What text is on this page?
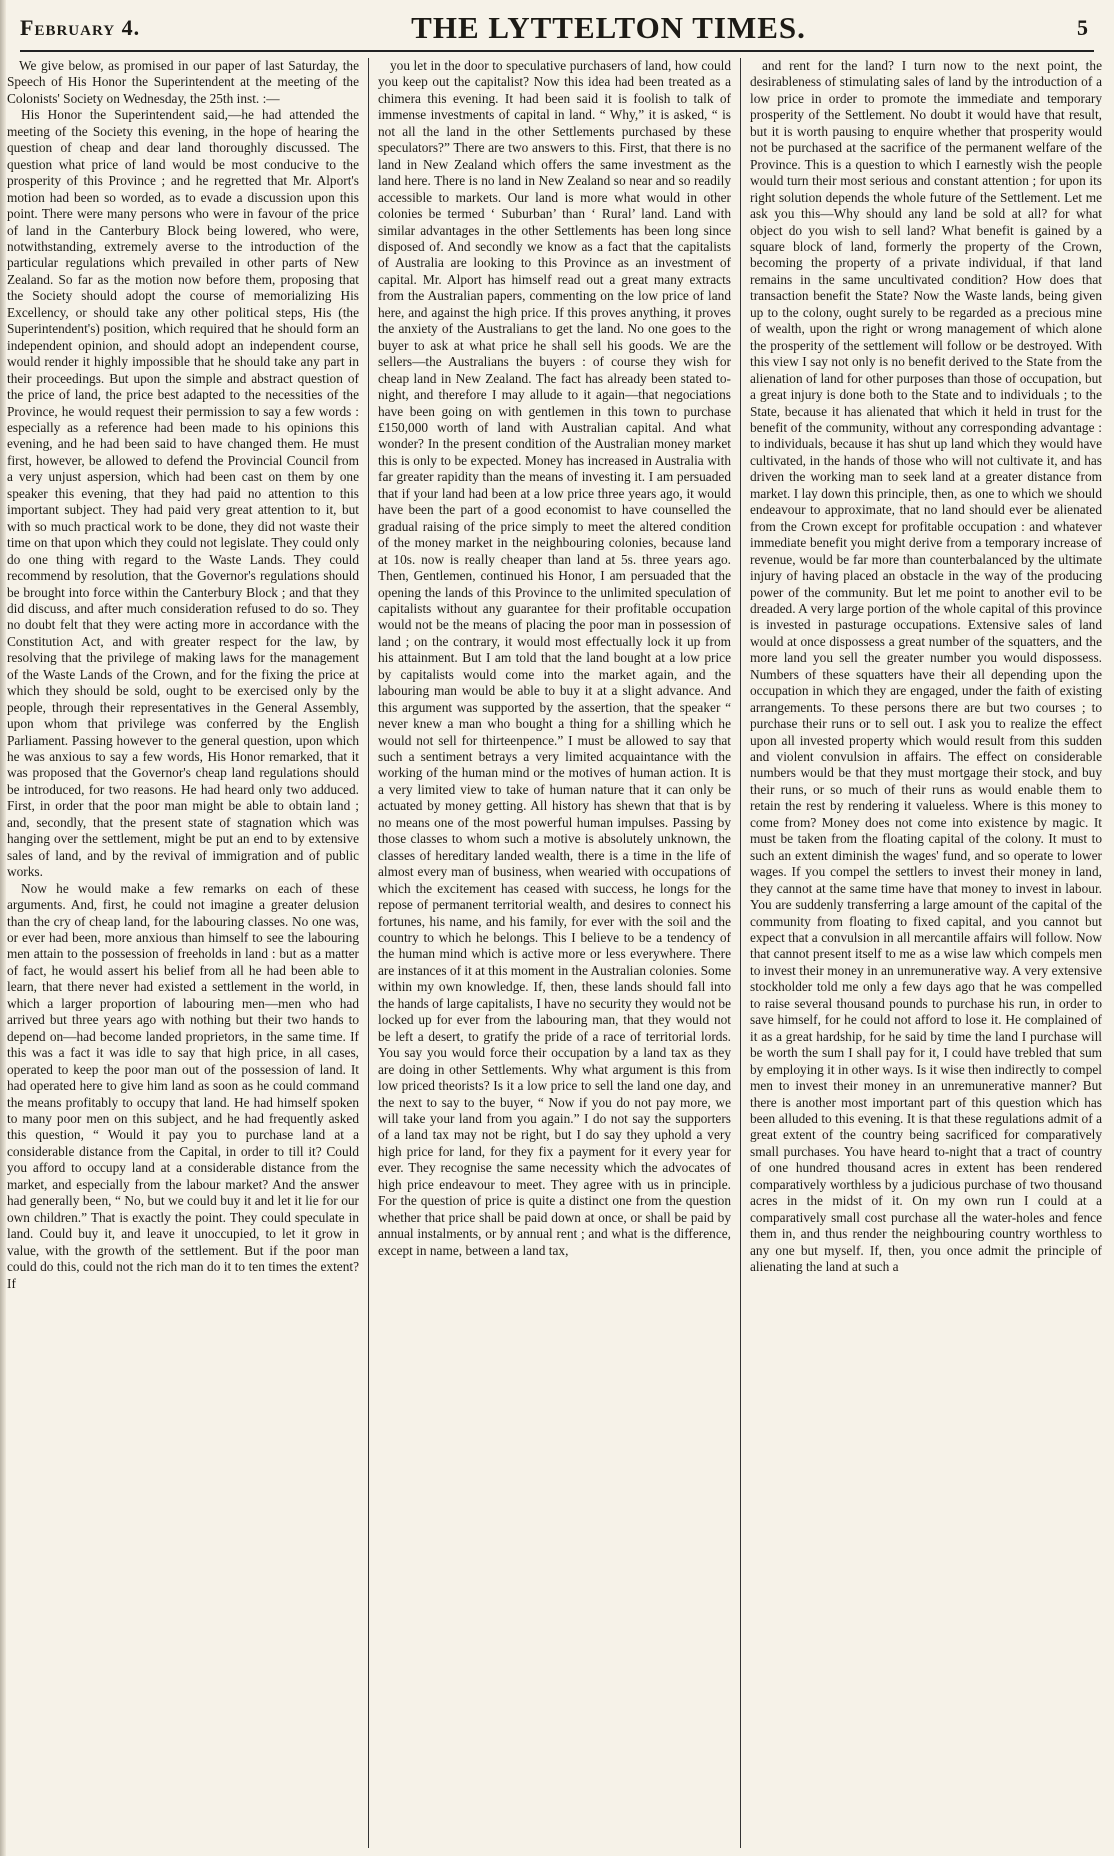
February 4.	THE LYTTELTON TIMES.	5

We give below, as promised in our paper of last Saturday, the Speech of His Honor the Superintendent at the meeting of the Colonists' Society on Wednesday, the 25th inst. :—

His Honor the Superintendent said,—he had attended the meeting of the Society this evening, in the hope of hearing the question of cheap and dear land thoroughly discussed. The question what price of land would be most conducive to the prosperity of this Province ; and he regretted that Mr. Alport's motion had been so worded, as to evade a discussion upon this point. There were many persons who were in favour of the price of land in the Canterbury Block being lowered, who were, notwithstanding, extremely averse to the introduction of the particular regulations which prevailed in other parts of New Zealand. So far as the motion now before them, proposing that the Society should adopt the course of memorializing His Excellency, or should take any other political steps, His (the Superintendent's) position, which required that he should form an independent opinion, and should adopt an independent course, would render it highly impossible that he should take any part in their proceedings. But upon the simple and abstract question of the price of land, the price best adapted to the necessities of the Province, he would request their permission to say a few words : especially as a reference had been made to his opinions this evening, and he had been said to have changed them. He must first, however, be allowed to defend the Provincial Council from a very unjust aspersion, which had been cast on them by one speaker this evening, that they had paid no attention to this important subject. They had paid very great attention to it, but with so much practical work to be done, they did not waste their time on that upon which they could not legislate. They could only do one thing with regard to the Waste Lands. They could recommend by resolution, that the Governor's regulations should be brought into force within the Canterbury Block ; and that they did discuss, and after much consideration refused to do so. They no doubt felt that they were acting more in accordance with the Constitution Act, and with greater respect for the law, by resolving that the privilege of making laws for the management of the Waste Lands of the Crown, and for the fixing the price at which they should be sold, ought to be exercised only by the people, through their representatives in the General Assembly, upon whom that privilege was conferred by the English Parliament. Passing however to the general question, upon which he was anxious to say a few words, His Honor remarked, that it was proposed that the Governor's cheap land regulations should be introduced, for two reasons. He had heard only two adduced. First, in order that the poor man might be able to obtain land ; and, secondly, that the present state of stagnation which was hanging over the settlement, might be put an end to by extensive sales of land, and by the revival of immigration and of public works.

Now he would make a few remarks on each of these arguments. And, first, he could not imagine a greater delusion than the cry of cheap land, for the labouring classes. No one was, or ever had been, more anxious than himself to see the labouring men attain to the possession of freeholds in land : but as a matter of fact, he would assert his belief from all he had been able to learn, that there never had existed a settlement in the world, in which a larger proportion of labouring men—men who had arrived but three years ago with nothing but their two hands to depend on—had become landed proprietors, in the same time. If this was a fact it was idle to say that high price, in all cases, operated to keep the poor man out of the possession of land. It had operated here to give him land as soon as he could command the means profitably to occupy that land. He had himself spoken to many poor men on this subject, and he had frequently asked this question, “ Would it pay you to purchase land at a considerable distance from the Capital, in order to till it? Could you afford to occupy land at a considerable distance from the market, and especially from the labour market? And the answer had generally been, “ No, but we could buy it and let it lie for our own children.” That is exactly the point. They could speculate in land. Could buy it, and leave it unoccupied, to let it grow in value, with the growth of the settlement. But if the poor man could do this, could not the rich man do it to ten times the extent? If

you let in the door to speculative purchasers of land, how could you keep out the capitalist? Now this idea had been treated as a chimera this evening. It had been said it is foolish to talk of immense investments of capital in land. “ Why,” it is asked, “ is not all the land in the other Settlements purchased by these speculators?” There are two answers to this. First, that there is no land in New Zealand which offers the same investment as the land here. There is no land in New Zealand so near and so readily accessible to markets. Our land is more what would in other colonies be termed ‘ Suburban’ than ‘ Rural’ land. Land with similar advantages in the other Settlements has been long since disposed of. And secondly we know as a fact that the capitalists of Australia are looking to this Province as an investment of capital. Mr. Alport has himself read out a great many extracts from the Australian papers, commenting on the low price of land here, and against the high price. If this proves anything, it proves the anxiety of the Australians to get the land. No one goes to the buyer to ask at what price he shall sell his goods. We are the sellers—the Australians the buyers : of course they wish for cheap land in New Zealand. The fact has already been stated to-night, and therefore I may allude to it again—that negociations have been going on with gentlemen in this town to purchase £150,000 worth of land with Australian capital. And what wonder? In the present condition of the Australian money market this is only to be expected. Money has increased in Australia with far greater rapidity than the means of investing it. I am persuaded that if your land had been at a low price three years ago, it would have been the part of a good economist to have counselled the gradual raising of the price simply to meet the altered condition of the money market in the neighbouring colonies, because land at 10s. now is really cheaper than land at 5s. three years ago. Then, Gentlemen, continued his Honor, I am persuaded that the opening the lands of this Province to the unlimited speculation of capitalists without any guarantee for their profitable occupation would not be the means of placing the poor man in possession of land ; on the contrary, it would most effectually lock it up from his attainment. But I am told that the land bought at a low price by capitalists would come into the market again, and the labouring man would be able to buy it at a slight advance. And this argument was supported by the assertion, that the speaker “ never knew a man who bought a thing for a shilling which he would not sell for thirteenpence.” I must be allowed to say that such a sentiment betrays a very limited acquaintance with the working of the human mind or the motives of human action. It is a very limited view to take of human nature that it can only be actuated by money getting. All history has shewn that that is by no means one of the most powerful human impulses. Passing by those classes to whom such a motive is absolutely unknown, the classes of hereditary landed wealth, there is a time in the life of almost every man of business, when wearied with occupations of which the excitement has ceased with success, he longs for the repose of permanent territorial wealth, and desires to connect his fortunes, his name, and his family, for ever with the soil and the country to which he belongs. This I believe to be a tendency of the human mind which is active more or less everywhere. There are instances of it at this moment in the Australian colonies. Some within my own knowledge. If, then, these lands should fall into the hands of large capitalists, I have no security they would not be locked up for ever from the labouring man, that they would not be left a desert, to gratify the pride of a race of territorial lords. You say you would force their occupation by a land tax as they are doing in other Settlements. Why what argument is this from low priced theorists? Is it a low price to sell the land one day, and the next to say to the buyer, “ Now if you do not pay more, we will take your land from you again.” I do not say the supporters of a land tax may not be right, but I do say they uphold a very high price for land, for they fix a payment for it every year for ever. They recognise the same necessity which the advocates of high price endeavour to meet. They agree with us in principle. For the question of price is quite a distinct one from the question whether that price shall be paid down at once, or shall be paid by annual instalments, or by annual rent ; and what is the difference, except in name, between a land tax,

and rent for the land? I turn now to the next point, the desirableness of stimulating sales of land by the introduction of a low price in order to promote the immediate and temporary prosperity of the Settlement. No doubt it would have that result, but it is worth pausing to enquire whether that prosperity would not be purchased at the sacrifice of the permanent welfare of the Province. This is a question to which I earnestly wish the people would turn their most serious and constant attention ; for upon its right solution depends the whole future of the Settlement. Let me ask you this—Why should any land be sold at all? for what object do you wish to sell land? What benefit is gained by a square block of land, formerly the property of the Crown, becoming the property of a private individual, if that land remains in the same uncultivated condition? How does that transaction benefit the State? Now the Waste lands, being given up to the colony, ought surely to be regarded as a precious mine of wealth, upon the right or wrong management of which alone the prosperity of the settlement will follow or be destroyed. With this view I say not only is no benefit derived to the State from the alienation of land for other purposes than those of occupation, but a great injury is done both to the State and to individuals ; to the State, because it has alienated that which it held in trust for the benefit of the community, without any corresponding advantage : to individuals, because it has shut up land which they would have cultivated, in the hands of those who will not cultivate it, and has driven the working man to seek land at a greater distance from market. I lay down this principle, then, as one to which we should endeavour to approximate, that no land should ever be alienated from the Crown except for profitable occupation : and whatever immediate benefit you might derive from a temporary increase of revenue, would be far more than counterbalanced by the ultimate injury of having placed an obstacle in the way of the producing power of the community. But let me point to another evil to be dreaded. A very large portion of the whole capital of this province is invested in pasturage occupations. Extensive sales of land would at once dispossess a great number of the squatters, and the more land you sell the greater number you would dispossess. Numbers of these squatters have their all depending upon the occupation in which they are engaged, under the faith of existing arrangements. To these persons there are but two courses ; to purchase their runs or to sell out. I ask you to realize the effect upon all invested property which would result from this sudden and violent convulsion in affairs. The effect on considerable numbers would be that they must mortgage their stock, and buy their runs, or so much of their runs as would enable them to retain the rest by rendering it valueless. Where is this money to come from? Money does not come into existence by magic. It must be taken from the floating capital of the colony. It must to such an extent diminish the wages' fund, and so operate to lower wages. If you compel the settlers to invest their money in land, they cannot at the same time have that money to invest in labour. You are suddenly transferring a large amount of the capital of the community from floating to fixed capital, and you cannot but expect that a convulsion in all mercantile affairs will follow. Now that cannot present itself to me as a wise law which compels men to invest their money in an unremunerative way. A very extensive stockholder told me only a few days ago that he was compelled to raise several thousand pounds to purchase his run, in order to save himself, for he could not afford to lose it. He complained of it as a great hardship, for he said by time the land I purchase will be worth the sum I shall pay for it, I could have trebled that sum by employing it in other ways. Is it wise then indirectly to compel men to invest their money in an unremunerative manner? But there is another most important part of this question which has been alluded to this evening. It is that these regulations admit of a great extent of the country being sacrificed for comparatively small purchases. You have heard to-night that a tract of country of one hundred thousand acres in extent has been rendered comparatively worthless by a judicious purchase of two thousand acres in the midst of it. On my own run I could at a comparatively small cost purchase all the water-holes and fence them in, and thus render the neighbouring country worthless to any one but myself. If, then, you once admit the principle of alienating the land at such a
